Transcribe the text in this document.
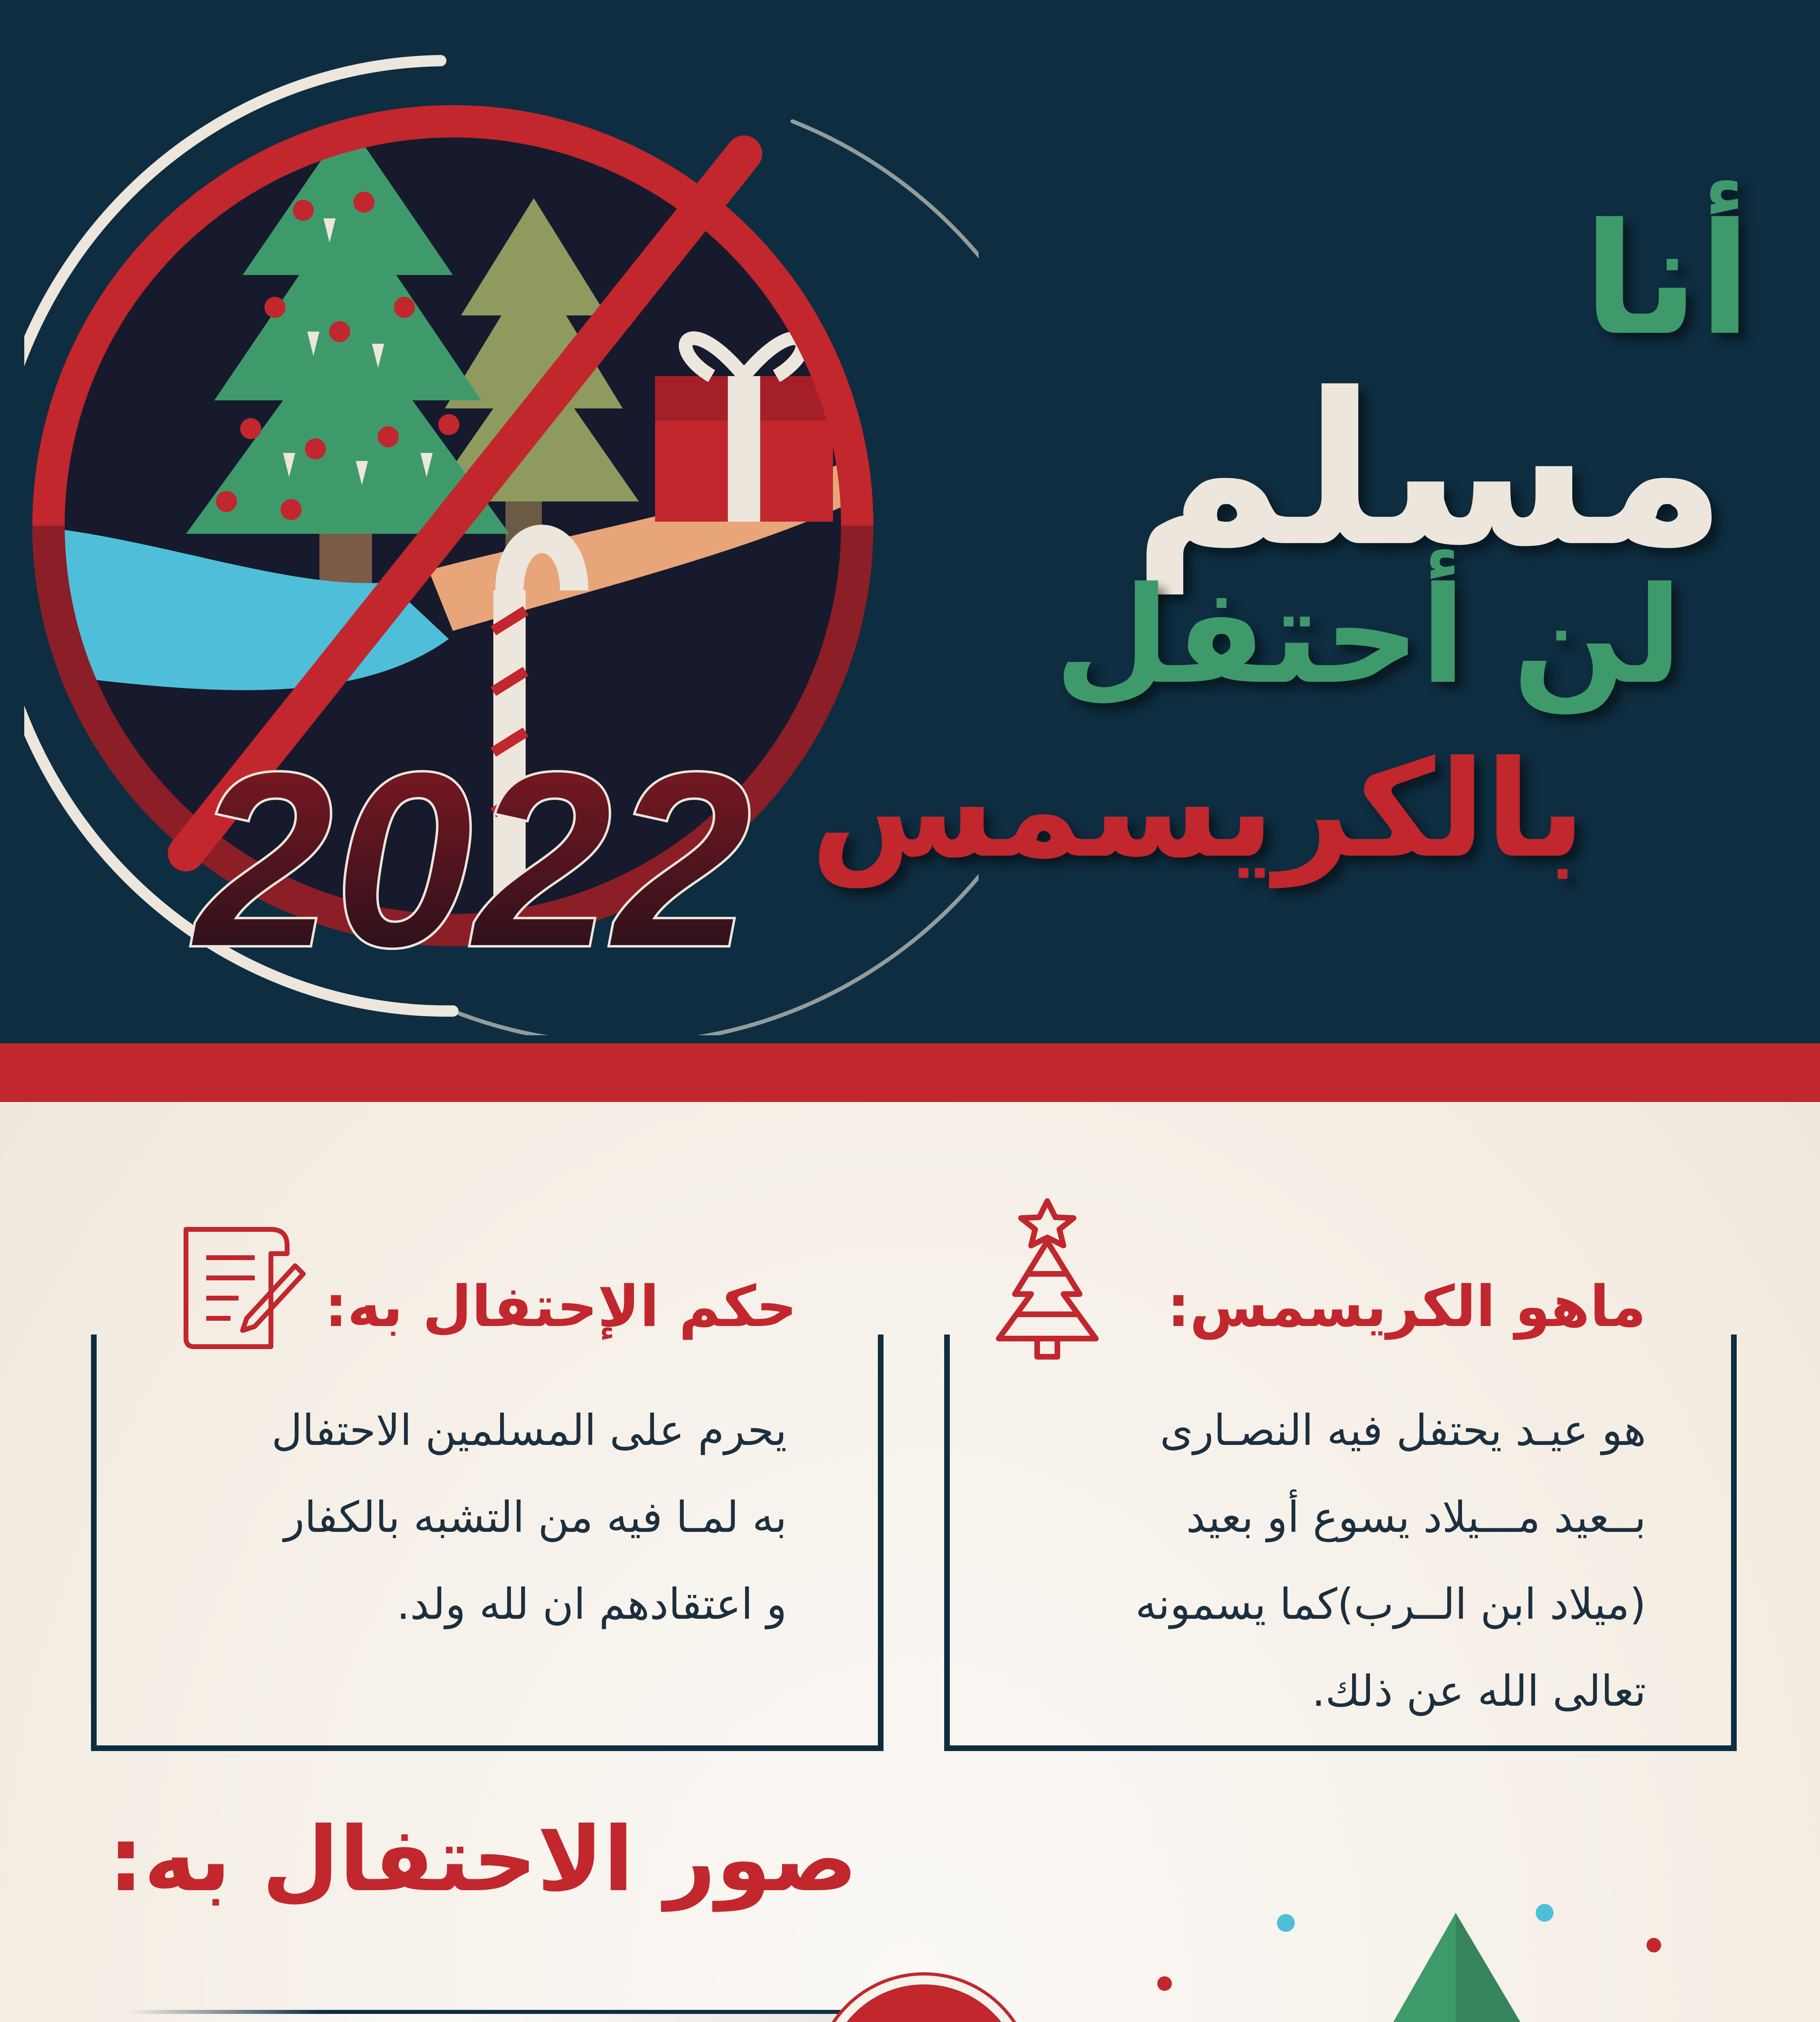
2022
أنا
مسلم
لن أحتفل
بالكريسمس
ماهو الكريسمس:
هو عيـد يحتفل فيه النصـارى
بــعيد مـــيلاد يسوع أو بعيد
(ميلاد ابن الــرب)كما يسمونه
تعالى الله عن ذلك.
حكم الإحتفال به:
يحرم على المسلمين الاحتفال
به لمـا فيه من التشبه بالكفار
و اعتقادهم ان لله ولد.
صور الاحتفال به:
